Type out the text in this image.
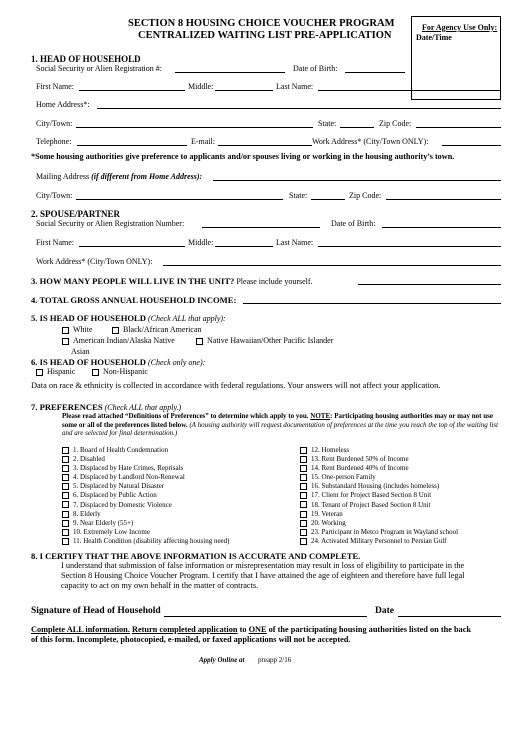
SECTION 8 HOUSING CHOICE VOUCHER PROGRAM
CENTRALIZED WAITING LIST PRE-APPLICATION
For Agency Use Only:
Date/Time
1. HEAD OF HOUSEHOLD
Social Security or Alien Registration #:	Date of Birth:
First Name:	Middle:	Last Name:
Home Address*:
City/Town:	State:	Zip Code:
Telephone:	E-mail:	Work Address* (City/Town ONLY):
*Some housing authorities give preference to applicants and/or spouses living or working in the housing authority’s town.
Mailing Address (if different from Home Address):
City/Town:	State:	Zip Code:
2. SPOUSE/PARTNER
Social Security or Alien Registration Number:	Date of Birth:
First Name:	Middle:	Last Name:
Work Address* (City/Town ONLY):
3. HOW MANY PEOPLE WILL LIVE IN THE UNIT? Please include yourself.
4. TOTAL GROSS ANNUAL HOUSEHOLD INCOME:
5. IS HEAD OF HOUSEHOLD (Check ALL that apply):
White	Black/African American
American Indian/Alaska Native	Native Hawaiian/Other Pacific Islander
Asian
6. IS HEAD OF HOUSEHOLD (Check only one):
Hispanic	Non-Hispanic
Data on race & ethnicity is collected in accordance with federal regulations. Your answers will not affect your application.
7. PREFERENCES (Check ALL that apply.)
Please read attached “Definitions of Preferences” to determine which apply to you. NOTE: Participating housing authorities may or may not use some or all of the preferences listed below. (A housing authority will request documentation of preferences at the time you reach the top of the waiting list and are selected for final determination.)
1. Board of Health Condemnation
2. Disabled
3. Displaced by Hate Crimes, Reprisals
4. Displaced by Landlord Non-Renewal
5. Displaced by Natural Disaster
6. Displaced by Public Action
7. Displaced by Domestic Violence
8. Elderly
9. Near Elderly (55+)
10. Extremely Low Income
11. Health Condition (disability affecting housing need)
12. Homeless
13. Rent Burdened 50% of Income
14. Rent Burdened 40% of Income
15. One-person Family
16. Substandard Housing (includes homeless)
17. Client for Project Based Section 8 Unit
18. Tenant of Project Based Section 8 Unit
19. Veteran
20. Working
23. Participant in Metco Program in Wayland school
24. Activated Military Personnel to Persian Gulf
8. I CERTIFY THAT THE ABOVE INFORMATION IS ACCURATE AND COMPLETE.
I understand that submission of false information or misrepresentation may result in loss of eligibility to participate in the
Section 8 Housing Choice Voucher Program. I certify that I have attained the age of eighteen and therefore have full legal
capacity to act on my own behalf in the matter of contracts.
Signature of Head of Household	Date
Complete ALL information. Return completed application to ONE of the participating housing authorities listed on the back
of this form. Incomplete, photocopied, e-mailed, or faxed applications will not be accepted.
Apply Online at preapp 2/16
